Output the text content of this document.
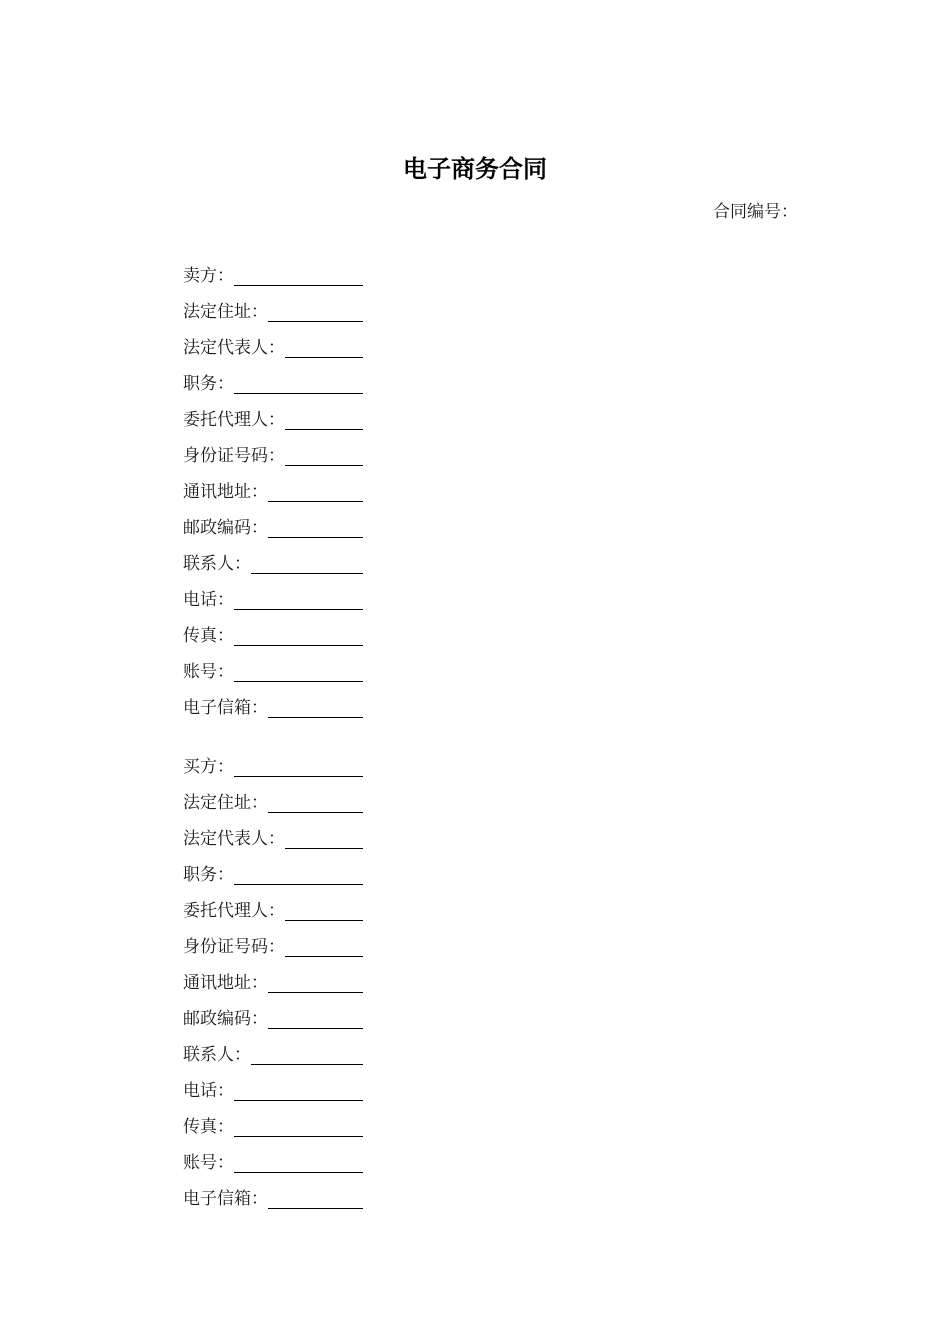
电子商务合同
合同编号：
卖方：
法定住址：
法定代表人：
职务：
委托代理人：
身份证号码：
通讯地址：
邮政编码：
联系人：
电话：
传真：
账号：
电子信箱：
买方：
法定住址：
法定代表人：
职务：
委托代理人：
身份证号码：
通讯地址：
邮政编码：
联系人：
电话：
传真：
账号：
电子信箱：
